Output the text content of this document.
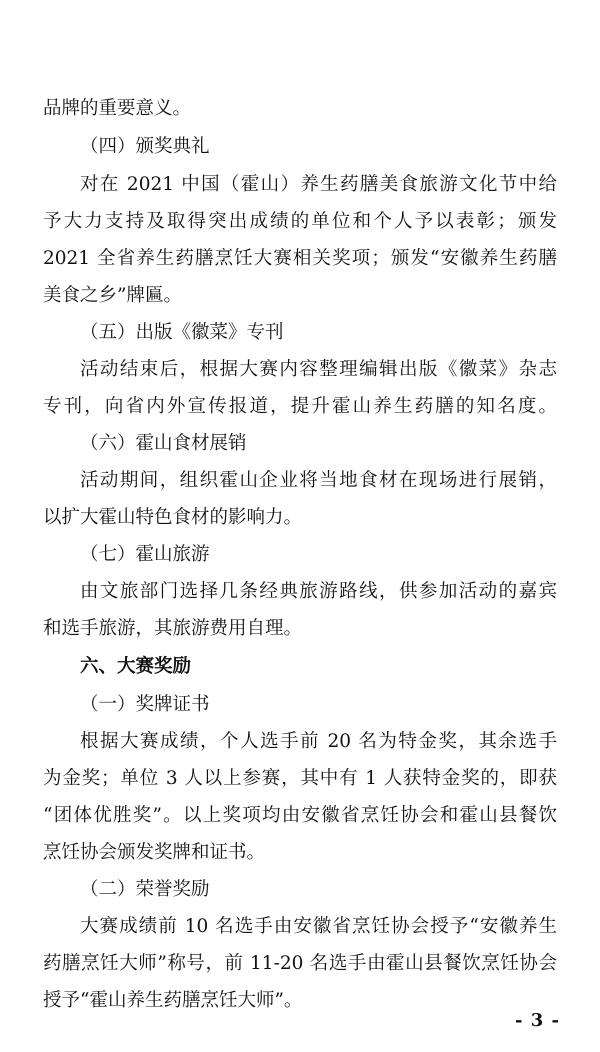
品牌的重要意义。
（四）颁奖典礼
对在 2021 中国（霍山）养生药膳美食旅游文化节中给
予大力支持及取得突出成绩的单位和个人予以表彰；颁发
2021 全省养生药膳烹饪大赛相关奖项；颁发“安徽养生药膳
美食之乡”牌匾。
（五）出版《徽菜》专刊
活动结束后，根据大赛内容整理编辑出版《徽菜》杂志
专刊，向省内外宣传报道，提升霍山养生药膳的知名度。
（六）霍山食材展销
活动期间，组织霍山企业将当地食材在现场进行展销，
以扩大霍山特色食材的影响力。
（七）霍山旅游
由文旅部门选择几条经典旅游路线，供参加活动的嘉宾
和选手旅游，其旅游费用自理。
六、大赛奖励
（一）奖牌证书
根据大赛成绩，个人选手前 20 名为特金奖，其余选手
为金奖；单位 3 人以上参赛，其中有 1 人获特金奖的，即获
“团体优胜奖”。以上奖项均由安徽省烹饪协会和霍山县餐饮
烹饪协会颁发奖牌和证书。
（二）荣誉奖励
大赛成绩前 10 名选手由安徽省烹饪协会授予“安徽养生
药膳烹饪大师”称号，前 11-20 名选手由霍山县餐饮烹饪协会
授予“霍山养生药膳烹饪大师”。
- 3 -
